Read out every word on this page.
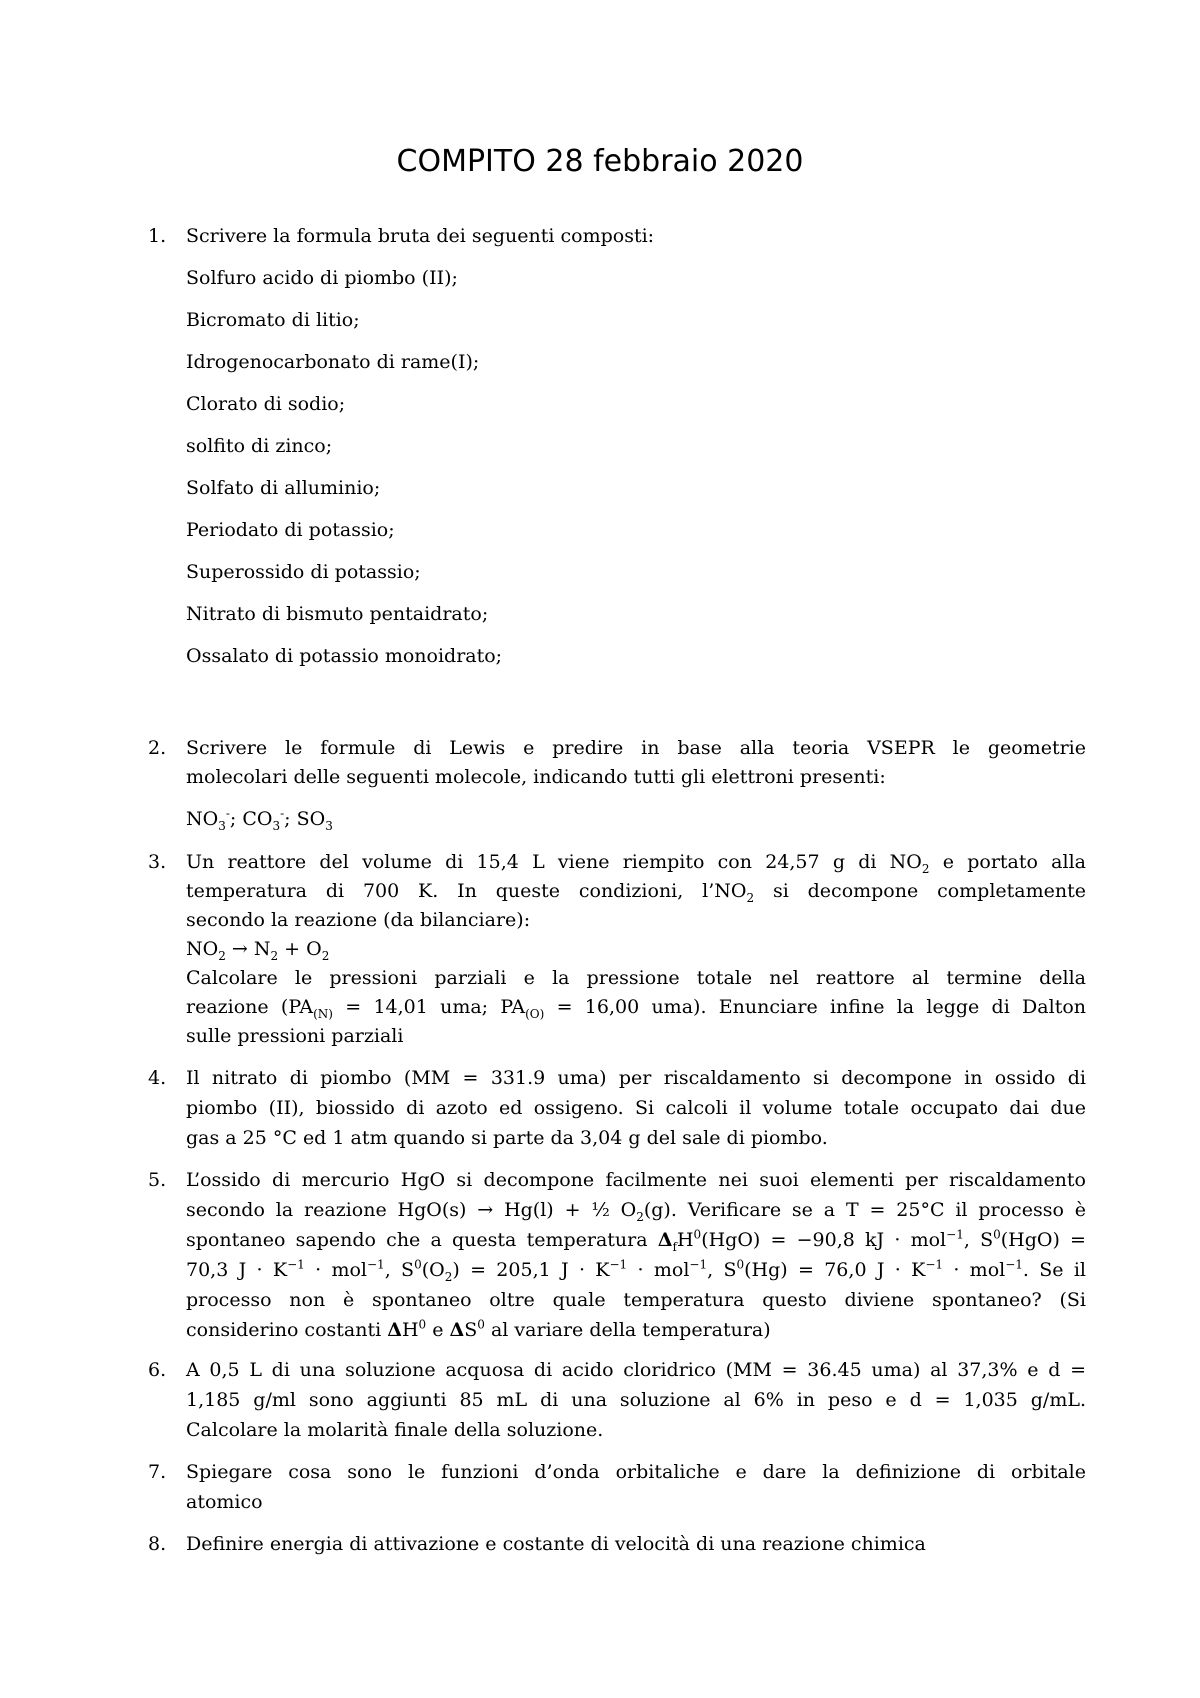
COMPITO 28 febbraio 2020
1.	Scrivere la formula bruta dei seguenti composti:
Solfuro acido di piombo (II);
Bicromato di litio;
Idrogenocarbonato di rame(I);
Clorato di sodio;
solfito di zinco;
Solfato di alluminio;
Periodato di potassio;
Superossido di potassio;
Nitrato di bismuto pentaidrato;
Ossalato di potassio monoidrato;
2.	Scrivere le formule di Lewis e predire in base alla teoria VSEPR le geometrie
molecolari delle seguenti molecole, indicando tutti gli elettroni presenti:
$NO_3^-$; $CO_3^-$; $SO_3$
3.	Un reattore del volume di 15,4 L viene riempito con 24,57 g di $NO_2$ e portato alla
temperatura di 700 K. In queste condizioni, $l’NO_2$ si decompone completamente
secondo la reazione (da bilanciare):
$NO_2 \to N_2 + O_2$
Calcolare le pressioni parziali e la pressione totale nel reattore al termine della
reazione ($PA_{(N)} = 14,01$ uma; $PA_{(O)} = 16,00$ uma). Enunciare infine la legge di Dalton
sulle pressioni parziali
4.	Il nitrato di piombo (MM = 331.9 uma) per riscaldamento si decompone in ossido di
piombo (II), biossido di azoto ed ossigeno. Si calcoli il volume totale occupato dai due
gas a 25 °C ed 1 atm quando si parte da 3,04 g del sale di piombo.
5.	L’ossido di mercurio HgO si decompone facilmente nei suoi elementi per riscaldamento
secondo la reazione HgO(s) → Hg(l) + ½ $O_2(g)$. Verificare se a T = 25°C il processo è
spontaneo sapendo che a questa temperatura $\Delta_fH^0(HgO) = -90,8$ kJ · mol$^{-1}$, $S^0(HgO)$ =
70,3 $J \cdot K^{-1} \cdot mol^{-1}$, $S^0(O_2) = 205,1$ $J \cdot K^{-1} \cdot mol^{-1}$, $S^0(Hg) = 76,0$ $J \cdot K^{-1} \cdot mol^{-1}$. Se il
processo non è spontaneo oltre quale temperatura questo diviene spontaneo? (Si
considerino costanti $\Delta H^0$ e $\Delta S^0$ al variare della temperatura)
6.	A 0,5 L di una soluzione acquosa di acido cloridrico (MM = 36.45 uma) al 37,3% e d =
1,185 g/ml sono aggiunti 85 mL di una soluzione al 6% in peso e d = 1,035 g/mL.
Calcolare la molarità finale della soluzione.
7.	Spiegare cosa sono le funzioni d’onda orbitaliche e dare la definizione di orbitale
atomico
8.	Definire energia di attivazione e costante di velocità di una reazione chimica
